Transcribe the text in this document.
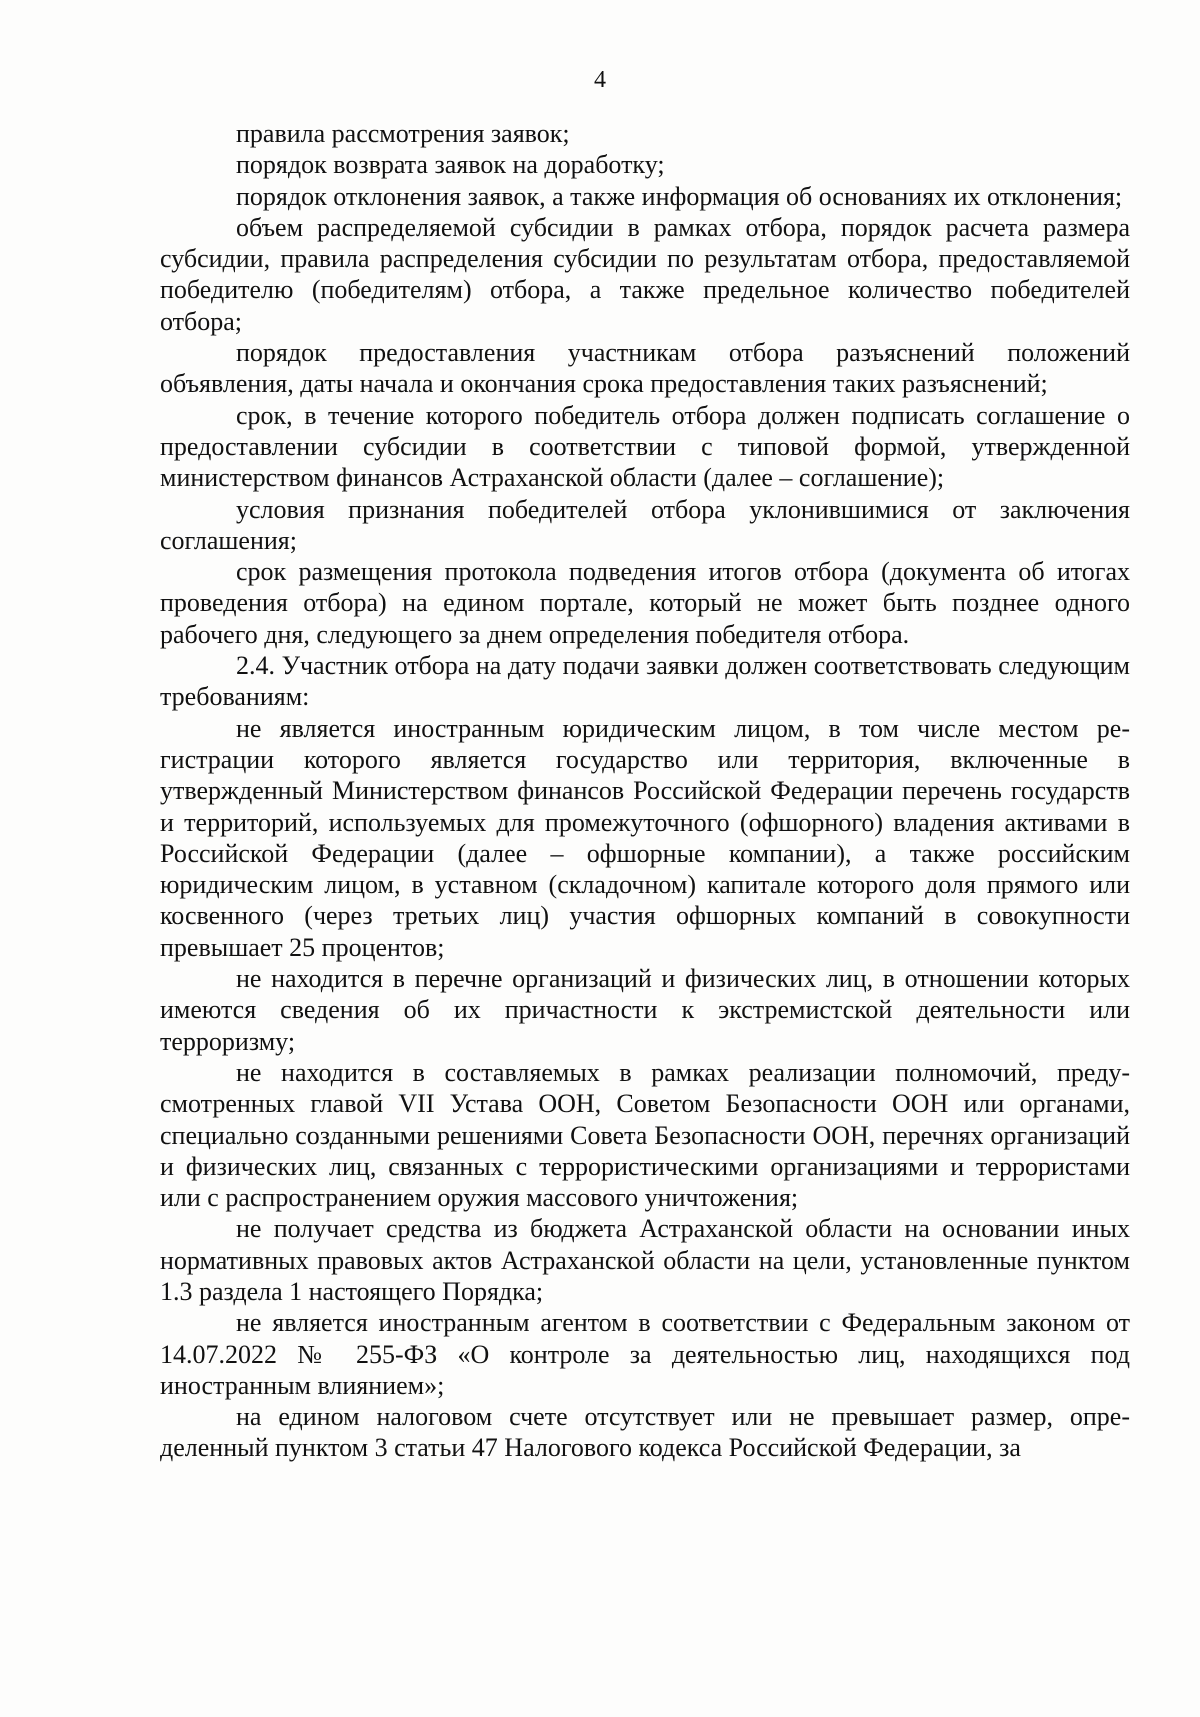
4

правила рассмотрения заявок;

порядок возврата заявок на доработку;

порядок отклонения заявок, а также информация об основаниях их отклонения;

объем распределяемой субсидии в рамках отбора, порядок расчета размера субсидии, правила распределения субсидии по результатам отбора, предоставляемой победителю (победителям) отбора, а также предельное количество победителей отбора;

порядок предоставления участникам отбора разъяснений положений объявления, даты начала и окончания срока предоставления таких разъяснений;

срок, в течение которого победитель отбора должен подписать соглашение о предоставлении субсидии в соответствии с типовой формой, утвержденной министерством финансов Астраханской области (далее – соглашение);

условия признания победителей отбора уклонившимися от заключения соглашения;

срок размещения протокола подведения итогов отбора (документа об итогах проведения отбора) на едином портале, который не может быть позднее одного рабочего дня, следующего за днем определения победителя отбора.

2.4. Участник отбора на дату подачи заявки должен соответствовать следующим требованиям:

не является иностранным юридическим лицом, в том числе местом регистрации которого является государство или территория, включенные в утвержденный Министерством финансов Российской Федерации перечень государств и территорий, используемых для промежуточного (офшорного) владения активами в Российской Федерации (далее – офшорные компании), а также российским юридическим лицом, в уставном (складочном) капитале которого доля прямого или косвенного (через третьих лиц) участия офшорных компаний в совокупности превышает 25 процентов;

не находится в перечне организаций и физических лиц, в отношении которых имеются сведения об их причастности к экстремистской деятельности или терроризму;

не находится в составляемых в рамках реализации полномочий, предусмотренных главой VII Устава ООН, Советом Безопасности ООН или органами, специально созданными решениями Совета Безопасности ООН, перечнях организаций и физических лиц, связанных с террористическими организациями и террористами или с распространением оружия массового уничтожения;

не получает средства из бюджета Астраханской области на основании иных нормативных правовых актов Астраханской области на цели, установленные пунктом 1.3 раздела 1 настоящего Порядка;

не является иностранным агентом в соответствии с Федеральным законом от 14.07.2022 № 255-ФЗ «О контроле за деятельностью лиц, находящихся под иностранным влиянием»;

на едином налоговом счете отсутствует или не превышает размер, определенный пунктом 3 статьи 47 Налогового кодекса Российской Федерации, за
